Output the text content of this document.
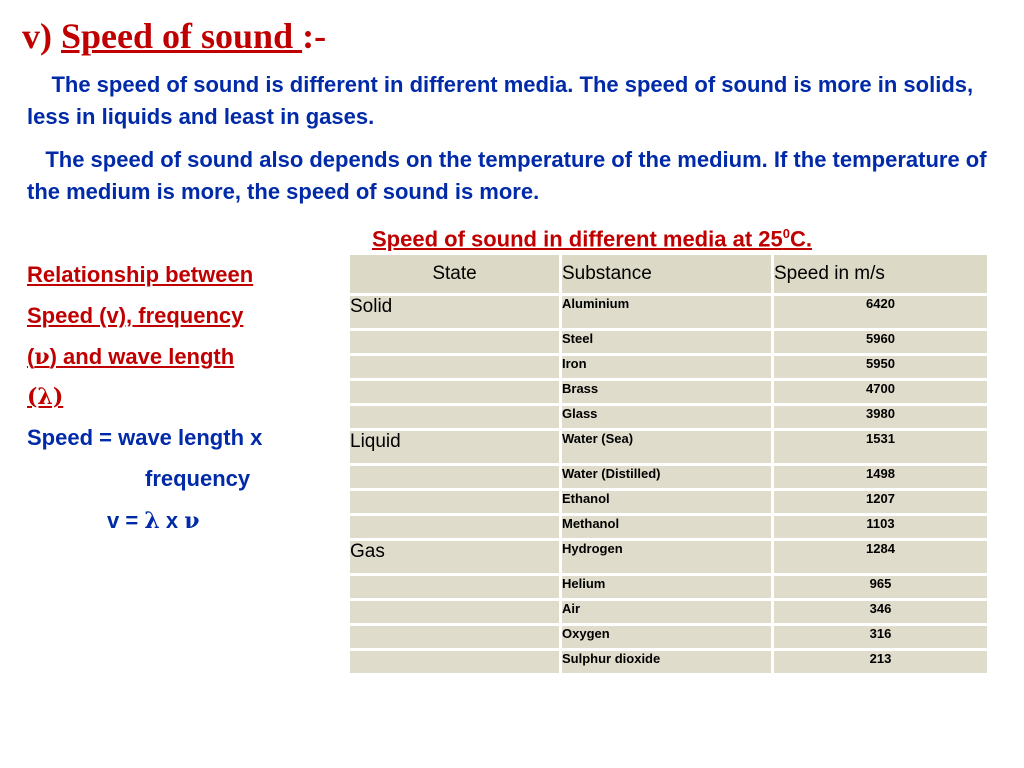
v) Speed of sound :-
The speed of sound is different in different media. The speed of sound is more in solids, less in liquids and least in gases.
The speed of sound also depends on the temperature of the medium. If the temperature of the medium is more, the speed of sound is more.
Speed of sound in different media at $25^0C$.
Relationship between
Speed (v), frequency
(ν) and wave length
(λ)
Speed = wave length x
frequency
v = λ x ν
State	Substance	Speed in m/s
Solid	Aluminium	6420
	Steel	5960
	Iron	5950
	Brass	4700
	Glass	3980
Liquid	Water (Sea)	1531
	Water (Distilled)	1498
	Ethanol	1207
	Methanol	1103
Gas	Hydrogen	1284
	Helium	965
	Air	346
	Oxygen	316
	Sulphur dioxide	213
